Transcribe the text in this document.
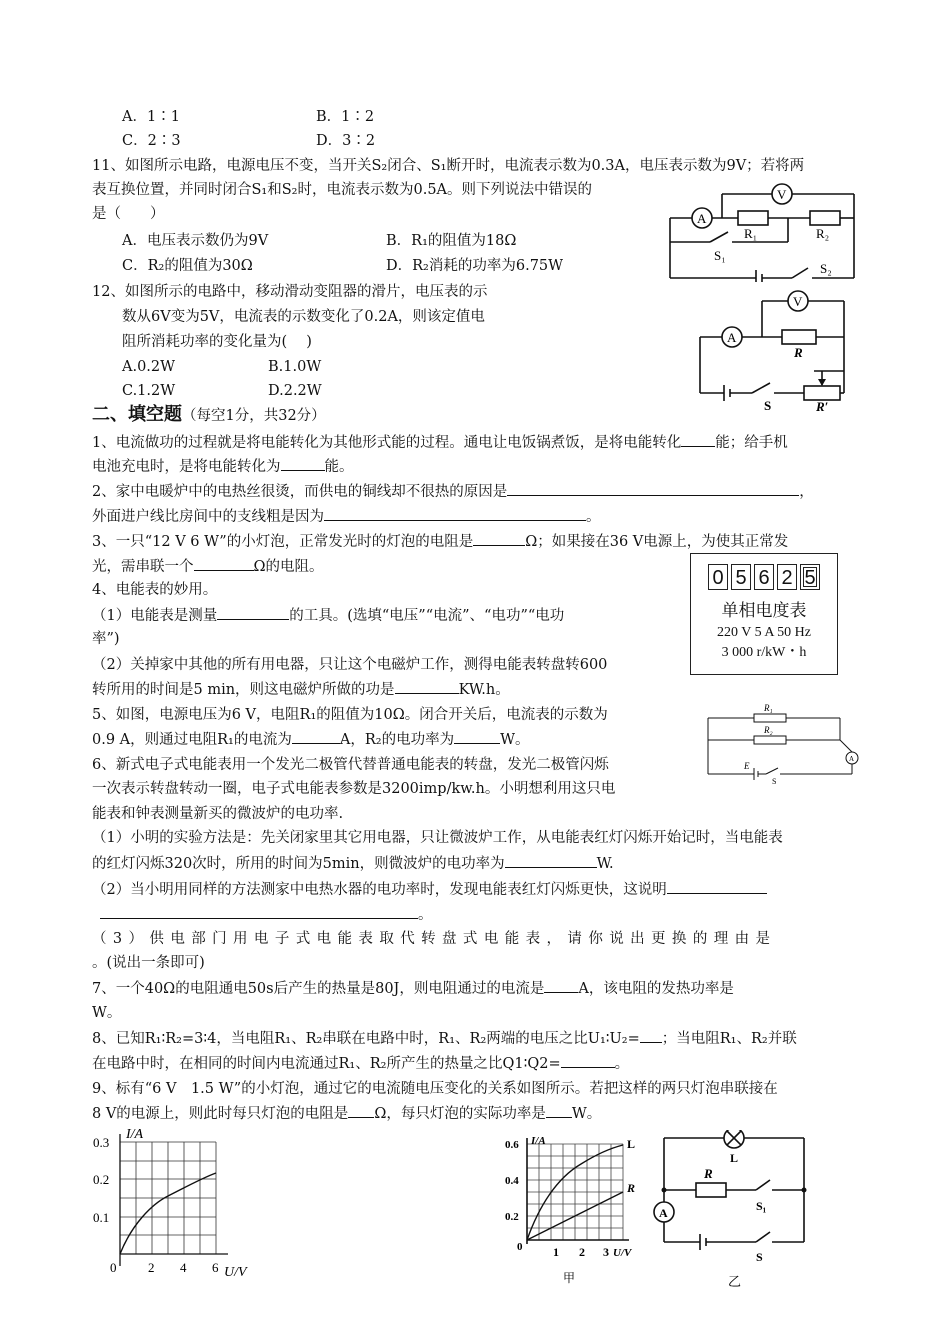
A．1∶1	B．1∶2
C．2∶3	D．3∶2
11、如图所示电路，电源电压不变，当开关S₂闭合、S₁断开时，电流表示数为0.3A，电压表示数为9V；若将两
表互换位置，并同时闭合S₁和S₂时，电流表示数为0.5A。则下列说法中错误的
是（　　）
A．电压表示数仍为9V	B．R₁的阻值为18Ω
C．R₂的阻值为30Ω	D．R₂消耗的功率为6.75W
A
V
R₁	R₂
S₁
S₂
12、如图所示的电路中，移动滑动变阻器的滑片，电压表的示
数从6V变为5V，电流表的示数变化了0.2A，则该定值电
阻所消耗功率的变化量为(　 )
A.0.2W	B.1.0W
C.1.2W	D.2.2W
A
V
R
R′
S
二、填空题（每空1分，共32分）
1、电流做功的过程就是将电能转化为其他形式能的过程。通电让电饭锅煮饭，是将电能转化 能；给手机
电池充电时，是将电能转化为	能。
2、家中电暖炉中的电热丝很烫，而供电的铜线却不很热的原因是	，
外面进户线比房间中的支线粗是因为	。
3、一只“12 V 6 W”的小灯泡，正常发光时的灯泡的电阻是	Ω；如果接在36 V电源上，为使其正常发
光，需串联一个	Ω的电阻。
4、电能表的妙用。
（1）电能表是测量	的工具。(选填“电压”“电流”、“电功”“电功
率”)
（2）关掉家中其他的所有用电器，只让这个电磁炉工作，测得电能表转盘转600
转所用的时间是5 min，则这电磁炉所做的功是	KW.h。
0 5 6 2 5
单相电度表
220 V 5 A 50 Hz
3 000 r/kW・h
5、如图，电源电压为6 V，电阻R₁的阻值为10Ω。闭合开关后，电流表的示数为
0.9 A，则通过电阻R₁的电流为	A，R₂的电功率为	W。
R₁
R₂
A
E
S
6、新式电子式电能表用一个发光二极管代替普通电能表的转盘，发光二极管闪烁
一次表示转盘转动一圈，电子式电能表参数是3200imp/kw.h。小明想利用这只电
能表和钟表测量新买的微波炉的电功率.
（1）小明的实验方法是：先关闭家里其它用电器，只让微波炉工作，从电能表红灯闪烁开始记时，当电能表
的红灯闪烁320次时，所用的时间为5min，则微波炉的电功率为	W.
（2）当小明用同样的方法测家中电热水器的电功率时，发现电能表红灯闪烁更快，这说明
。
（3）供电部门用电子式电能表取代转盘式电能表，请你说出更换的理由是
。(说出一条即可)
7、一个40Ω的电阻通电50s后产生的热量是80J，则电阻通过的电流是 A，该电阻的发热功率是
W。
8、已知R₁∶R₂=3∶4，当电阻R₁、R₂串联在电路中时，R₁、R₂两端的电压之比U₁∶U₂= ；当电阻R₁、R₂并联
在电路中时，在相同的时间内电流通过R₁、R₂所产生的热量之比Q1∶Q2=	。
9、标有“6 V　1.5 W”的小灯泡，通过它的电流随电压变化的关系如图所示。若把这样的两只灯泡串联接在
8 V的电源上，则此时每只灯泡的电阻是 Ω，每只灯泡的实际功率是 W。
I/A
0.3
0.2
0.1
0 2 4 6 U/V
I/A
0.6
0.4
0.2
0	1 2 3 U/V
L
R
甲
L
R
S₁
S
A
乙
